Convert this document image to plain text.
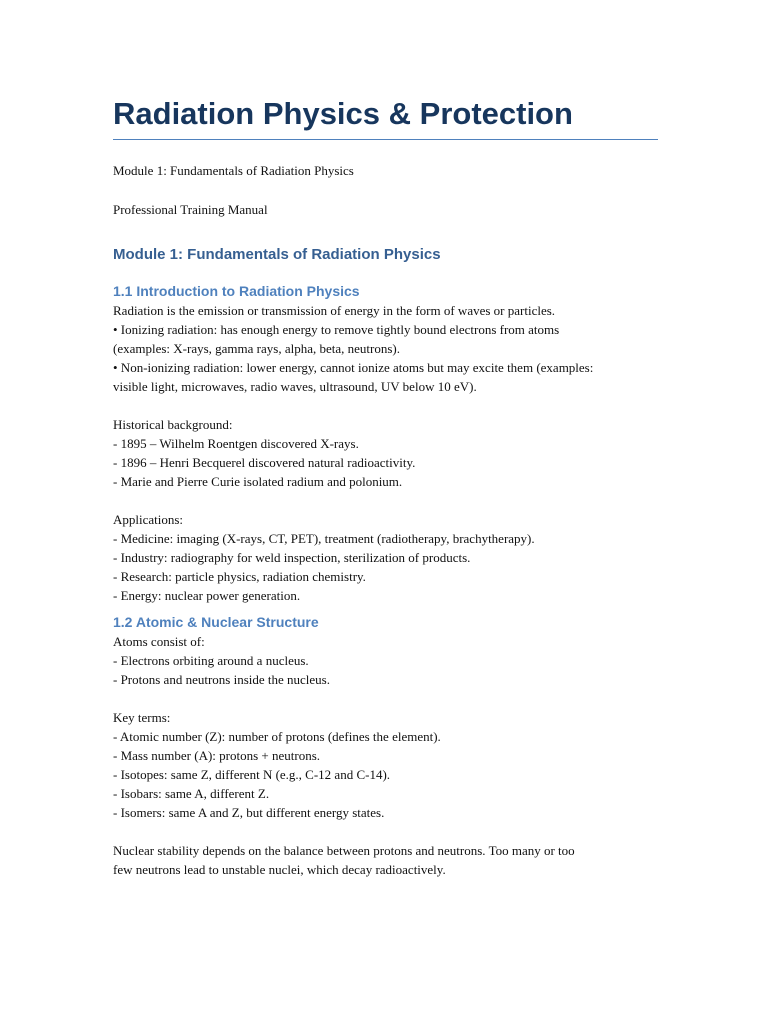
Radiation Physics & Protection

Module 1: Fundamentals of Radiation Physics

Professional Training Manual

Module 1: Fundamentals of Radiation Physics
1.1 Introduction to Radiation Physics
Radiation is the emission or transmission of energy in the form of waves or particles.
• Ionizing radiation: has enough energy to remove tightly bound electrons from atoms
(examples: X-rays, gamma rays, alpha, beta, neutrons).
• Non-ionizing radiation: lower energy, cannot ionize atoms but may excite them (examples:
visible light, microwaves, radio waves, ultrasound, UV below 10 eV).
Historical background:
- 1895 – Wilhelm Roentgen discovered X-rays.
- 1896 – Henri Becquerel discovered natural radioactivity.
- Marie and Pierre Curie isolated radium and polonium.
Applications:
- Medicine: imaging (X-rays, CT, PET), treatment (radiotherapy, brachytherapy).
- Industry: radiography for weld inspection, sterilization of products.
- Research: particle physics, radiation chemistry.
- Energy: nuclear power generation.
1.2 Atomic & Nuclear Structure
Atoms consist of:
- Electrons orbiting around a nucleus.
- Protons and neutrons inside the nucleus.
Key terms:
- Atomic number (Z): number of protons (defines the element).
- Mass number (A): protons + neutrons.
- Isotopes: same Z, different N (e.g., C-12 and C-14).
- Isobars: same A, different Z.
- Isomers: same A and Z, but different energy states.
Nuclear stability depends on the balance between protons and neutrons. Too many or too
few neutrons lead to unstable nuclei, which decay radioactively.
